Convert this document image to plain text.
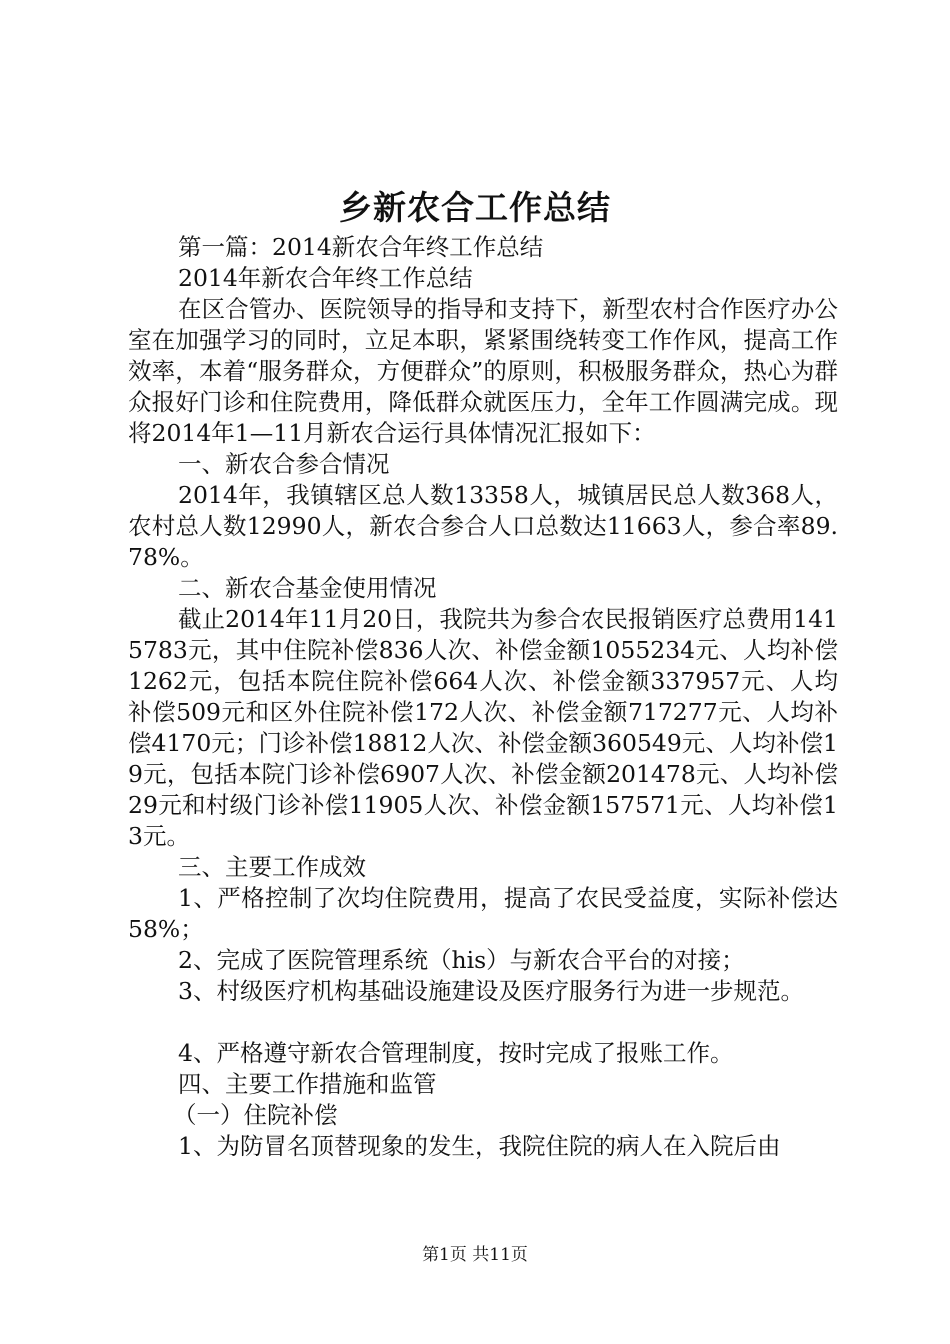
乡新农合工作总结

第一篇：2014新农合年终工作总结

2014年新农合年终工作总结

在区合管办、医院领导的指导和支持下，新型农村合作医疗办公室在加强学习的同时，立足本职，紧紧围绕转变工作作风，提高工作效率，本着“服务群众，方便群众”的原则，积极服务群众，热心为群众报好门诊和住院费用，降低群众就医压力，全年工作圆满完成。现将2014年1—11月新农合运行具体情况汇报如下：

一、新农合参合情况

2014年，我镇辖区总人数13358人，城镇居民总人数368人，农村总人数12990人，新农合参合人口总数达11663人，参合率89.78%。

二、新农合基金使用情况

截止2014年11月20日，我院共为参合农民报销医疗总费用1415783元，其中住院补偿836人次、补偿金额1055234元、人均补偿1262元，包括本院住院补偿664人次、补偿金额337957元、人均补偿509元和区外住院补偿172人次、补偿金额717277元、人均补偿4170元；门诊补偿18812人次、补偿金额360549元、人均补偿19元，包括本院门诊补偿6907人次、补偿金额201478元、人均补偿29元和村级门诊补偿11905人次、补偿金额157571元、人均补偿13元。

三、主要工作成效

1、严格控制了次均住院费用，提高了农民受益度，实际补偿达58%；

2、完成了医院管理系统（his）与新农合平台的对接；

3、村级医疗机构基础设施建设及医疗服务行为进一步规范。

4、严格遵守新农合管理制度，按时完成了报账工作。

四、主要工作措施和监管

（一）住院补偿

1、为防冒名顶替现象的发生，我院住院的病人在入院后由

第1页 共11页
